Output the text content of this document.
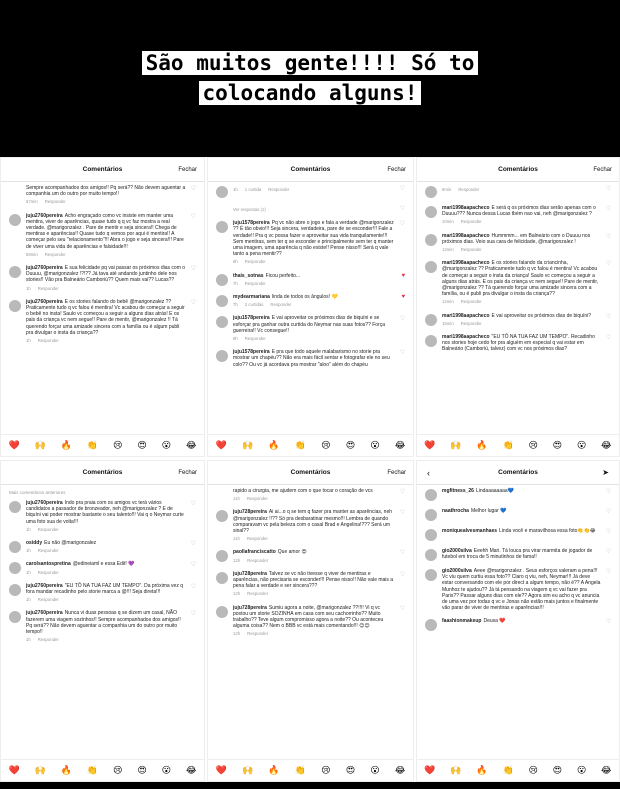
São muitos gente!!!! Só to
colocando alguns!
Comentários	Fechar
Sempre acompanhados dos amigos!! Pq será?? Não devem aguentar a companhia um do outro por muito tempo!!
57min Responder
♡
juju2760pereira Acho engraçado como vc insiste em manter uma mentira, viver de aparências, quase tudo q q vc faz mostra a real verdade. @marigonzalez . Pare de mentir e seja sincera!! Chega de mentiras e aparências!! Quase tudo q vemos por aqui é mentira!! A começar pelo seu "relacionamento"!!! Abra o jogo e seja sincera!!! Pare de viver uma vida de aparências e falsidade!!!
59min Responder
♡
juju2760pereira E sua felicidade pq vai passar os próximos dias com o Duuuu, @marigonzalez !?!?? Já tava até andando juntinho dele nos stories!! Vão pra Balneário Camboriú?? Quem mais vai?? Lucas??
1h Responder
♡
juju2760pereira E os stories falando do bebê @marigonzalez ?? Praticamente tudo q vc falou é mentira! Vc acabou de começar a seguir o bebê no insta! Saulo vc começou a seguir a alguns dias atrás! E os pais da criança vc nem segue!! Pare de mentir, @marigonzalez !! Tá querendo forçar uma amizade sincera com a família ou é algum publi pra divulgar o insta da criança??
1h Responder
♡
❤️ 🙌 🔥 👏 😢 😍 😮 😂
Comentários	Fechar
1h 1 curtida Responder	♡
Ver respostas (1)	♡
juju1578pereira Pq vc não abre o jogo e fala a verdade @marigonzalez ?? É tão obvio!!! Seja sincera, verdadeira, pare de se esconder!!! Fale a verdade!! Pra q vc possa fazer e aproveitar sua vida tranquilamente!!! Sem mentiras, sem ter q se esconder e principalmente sem ter q manter uma imagem, uma aparência q não existe!! Pense nisso!!! Será q vale tanto a pena mentir??
6h Responder
♡
thais_sotnas Ficou perfeito...
7h Responder
♥
mydearmariana linda de todos os ângulos! 💛
7h 2 curtidas Responder
♥
juju1578pereira E vai aproveitar os próximos dias de biquíni e se esforçar pra ganhar outra curtida do Neymar nas suas fotos?? Força guerreira!! Vc consegue!!
8h Responder
♡
juju1578pereira E pra que todo aquele malabarismo no storie pra mostrar um chapéu?? Não era mais fácil sentar e fotografar ele no seu colo?? Ou vc já acordava pra mostrar "aloo" além do chapéu
♡
❤️ 🙌 🔥 👏 😢 😍 😮 😂
Comentários	Fechar
9min Responder	♡
mari1998aapacheco E será q os próximos dias serão apenas com o Duuuu??? Nunca dessa Lucas tbém nao vai, neh @marigonzalez ?
10min Responder
♡
mari1998aapacheco Hummmm... em Balneário com o Duuuu nos próximos dias. Veio sua cara de felicidade, @marigonzalez !
12min Responder
♡
mari1998aapacheco E os stories falando da criancinha, @marigonzalez ?? Praticamente tudo q vc falou é mentira! Vc acabou de começar a seguir o insta da criança! Saulo vc começou a seguir a alguns dias atrás. E os pais da criança vc nem segue!! Pare de mentir, @marigonzalez ?? Tá querendo forçar uma amizade sincera com a família, ou é publi pra divulgar o insta da criança??
12min Responder
♡
mari1998aapacheco E vai aproveitar os próximos dias de biquíni?
15min Responder
♡
mari1998aapacheco "EU TÔ NA TUA FAZ UM TEMPO". Recadinho nos stories hoje cedo for pra alguém em especial q vai estar em Balneário (Camboriú, talvez) com vc nos próximos dias?
♡
❤️ 🙌 🔥 👏 😢 😍 😮 😂
Comentários	Fechar
Mais comentários anteriores
juju2760pereira Indo pra praia com os amigos vc terá vários candidatos a passador de bronzeador, neh @marigonzalez ? E de biquíni vai poder mostrar bastante o seu talento!!! Vai q o Neymar curte uma foto sua de volta!!!
1h Responder
♡
osiddy Eu não @marigonzalez
1h Responder
♡
carolsantospretina @edineiaml e essa Edit! 💜
1h Responder
♡
juju2760pereira "EU TÔ NA TUA FAZ UM TEMPO". Da próxima vez q fora mandar recadinho pelo storie marca a @!!! Seja direta!!!
1h Responder
♡
juju2760pereira Nunca vi duas pessoas q se dizem um casal, NÃO fazerem uma viagem sozinhos!! Sempre acompanhados dos amigos!! Pq será?? Não devem aguentar a companhia um do outro por muito tempo!!
1h Responder
♡
❤️ 🙌 🔥 👏 😢 😍 😮 😂
Comentários	Fechar
rapido a cirurgia, me ajudem com o que tocar o coração de vcs
11h Responder
♡
juju728pereira Ai ai...o q se tem q fazer pra manter as aparências, neh @marigonzalez !!?? Só pra desbaratinar mesmo!!! Lembra de quando comparavam vc pela beleza com o casal Brad e Angelina!??? Será um sinal??
11h Responder
♡
paollafranciscatto Que amor 😍
12h Responder
♡
juju728pereira Talvez se vc não tivesse q viver de mentiras e aparências, não precisaria se esconder!!! Pense nisso!! Não vale mais a pena falar a verdade e ser sincera???
12h Responder
♡
juju728pereira Sumiu agora a noite, @marigonzalez ??!!!! Vi q vc postou um storie SOZINHA em casa com seu cachorrinho?? Muito trabalho?? Teve algum compromisso agora a noite?? Ou aconteceu alguma coisa?? Nem o BBB vc está mais comentando!!! 😊😊
12h Responder
♡
❤️ 🙌 🔥 👏 😢 😍 😮 😂
‹	Comentários	➤
mgfitness_26 Lindaaaaaaaa💙	♡
naathrocha Melhor lugar 💙	♡
moniquealvesmanhaes Linda você e maravilhosa essa foto👏👏😂	♡
gio2000silva Eeehh Mari. Tá louca pra virar marmita de jogador de futebol em troca de 5 minutinhos de fama!!
♡
gio2000silva Aeee @marigonzalez . Seus esforços valeram a pena!!! Vc viu quem curtiu essa foto?? Claro q viu, neh, Neymar!!! Já deve estar conversando com ele por direct a algum tempo, não é?? A Angela Munhoz te ajudou?? Já tá pensando na viagem q vc vai fazer pra Paris?? Passar alguns dias com ele?? Agora sim eu acho q vc anuncia de uma vez por todas q vc e Jonas não estão mais juntos e finalmente vão parar de viver de mentiras e aparências!!!
♡
faashionmakeup Deusa ❤️	♡
❤️ 🙌 🔥 👏 😢 😍 😮 😂
